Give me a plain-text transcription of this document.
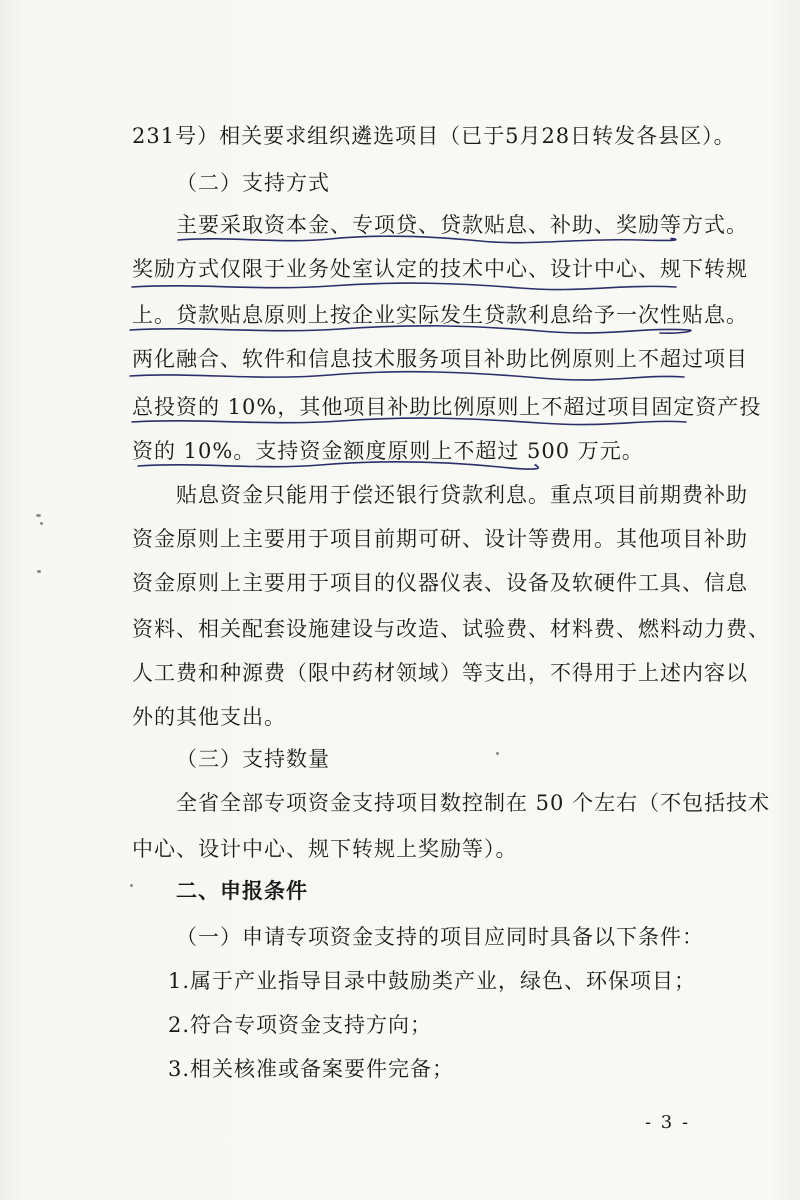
231号）相关要求组织遴选项目（已于5月28日转发各县区）。
（二）支持方式
主要采取资本金、专项贷、贷款贴息、补助、奖励等方式。
奖励方式仅限于业务处室认定的技术中心、设计中心、规下转规
上。贷款贴息原则上按企业实际发生贷款利息给予一次性贴息。
两化融合、软件和信息技术服务项目补助比例原则上不超过项目
总投资的 10%，其他项目补助比例原则上不超过项目固定资产投
资的 10%。支持资金额度原则上不超过 500 万元。
贴息资金只能用于偿还银行贷款利息。重点项目前期费补助
资金原则上主要用于项目前期可研、设计等费用。其他项目补助
资金原则上主要用于项目的仪器仪表、设备及软硬件工具、信息
资料、相关配套设施建设与改造、试验费、材料费、燃料动力费、
人工费和种源费（限中药材领域）等支出，不得用于上述内容以
外的其他支出。
（三）支持数量
全省全部专项资金支持项目数控制在 50 个左右（不包括技术
中心、设计中心、规下转规上奖励等）。
二、申报条件
（一）申请专项资金支持的项目应同时具备以下条件：
1.属于产业指导目录中鼓励类产业，绿色、环保项目；
2.符合专项资金支持方向；
3.相关核准或备案要件完备；
- 3 -
